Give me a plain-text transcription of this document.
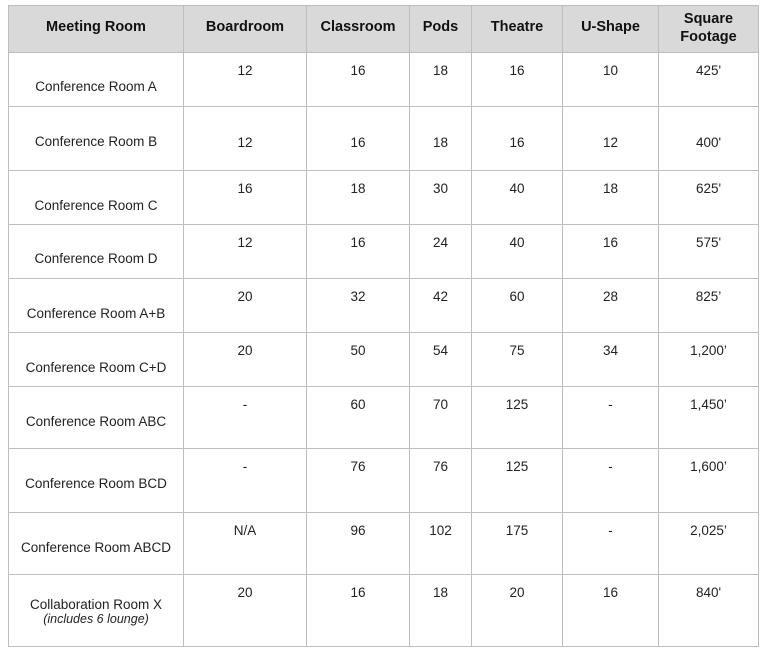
Meeting Room	Boardroom	Classroom	Pods	Theatre	U-Shape	Square Footage

Conference Room A	12	16	18	16	10	425'

Conference Room B	12	16	18	16	12	400'

Conference Room C	16	18	30	40	18	625'

Conference Room D	12	16	24	40	16	575'

Conference Room A+B	20	32	42	60	28	825’

Conference Room C+D	20	50	54	75	34	1,200’

Conference Room ABC	-	60	70	125	-	1,450’

Conference Room BCD	-	76	76	125	-	1,600’

Conference Room ABCD	N/A	96	102	175	-	2,025’

Collaboration Room X
(includes 6 lounge)	20	16	18	20	16	840'
